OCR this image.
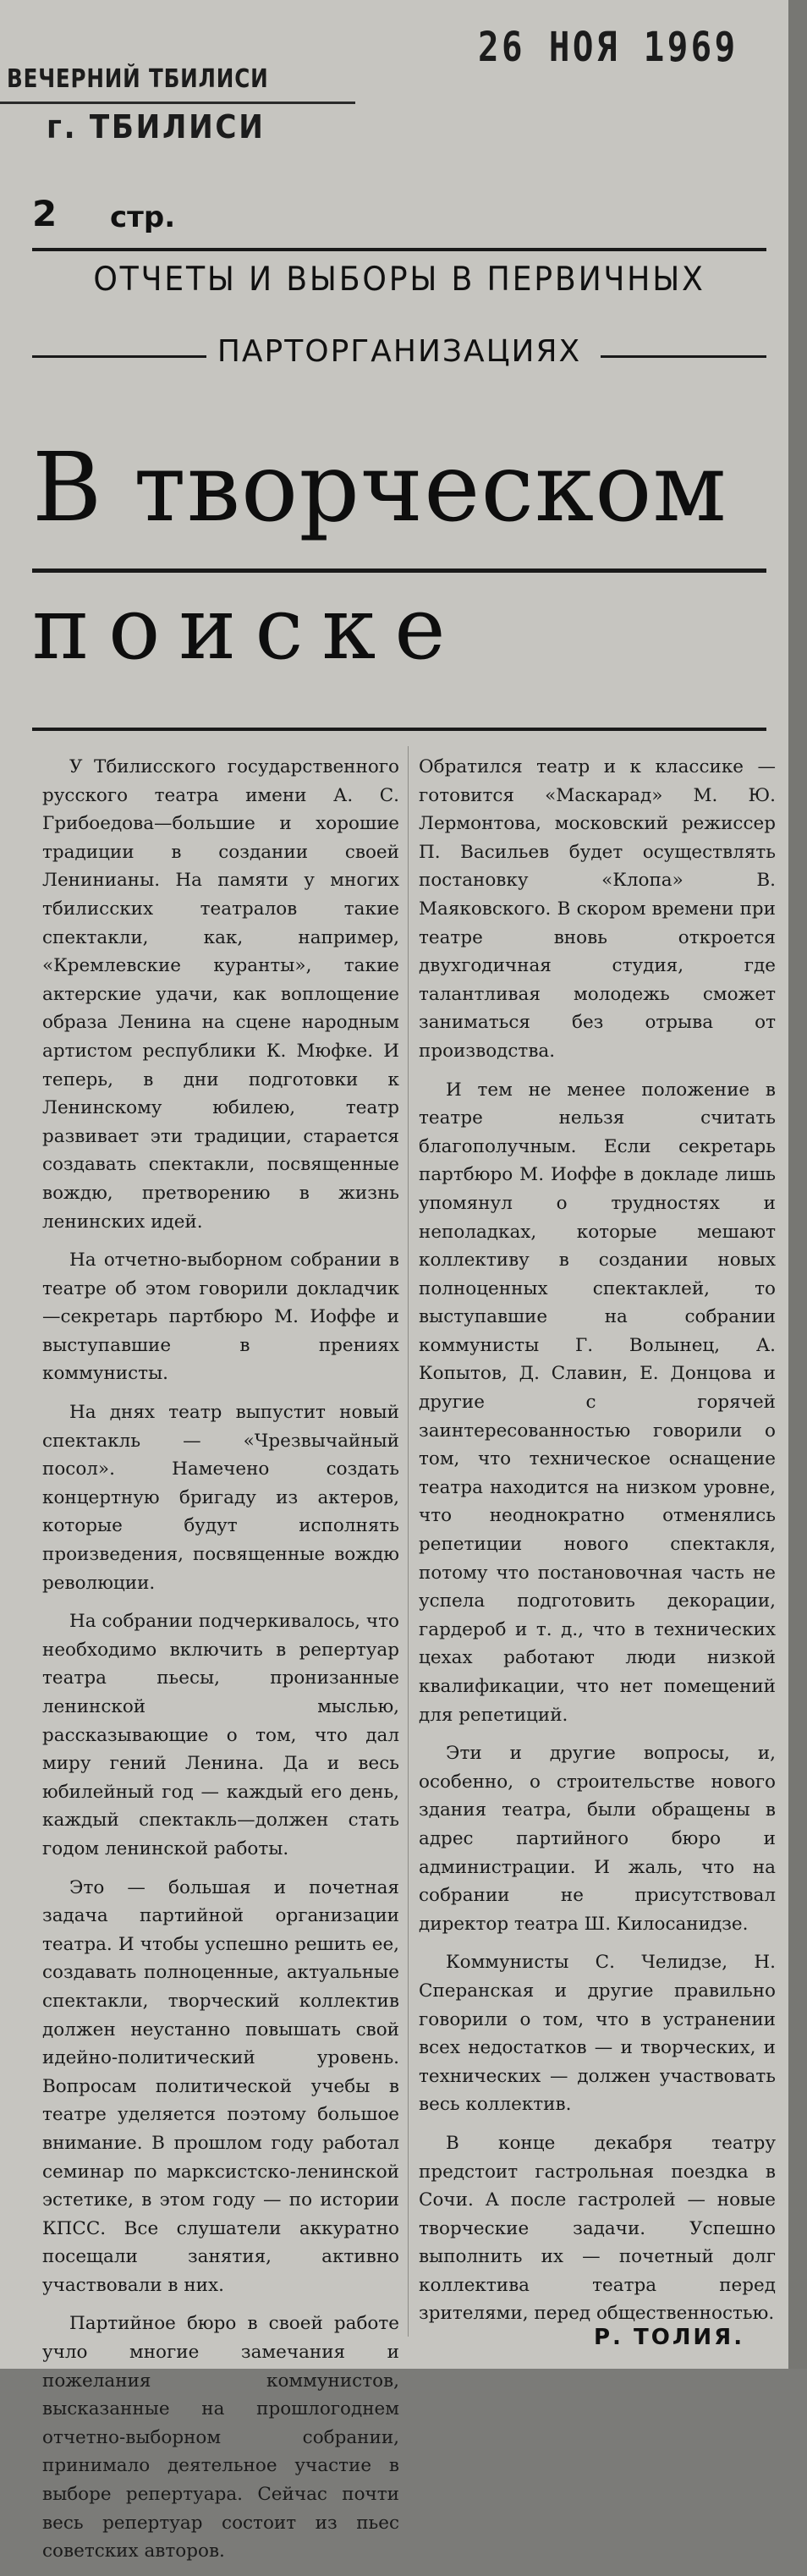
26 НОЯ 1969
ВЕЧЕРНИЙ ТБИЛИСИ
г. ТБИЛИСИ
2 стр.
ОТЧЕТЫ И ВЫБОРЫ В ПЕРВИЧНЫХ
ПАРТОРГАНИЗАЦИЯХ
В творческом
поиске

У Тбилисского государственного русского театра имени А. С. Грибоедова—большие и хорошие традиции в создании своей Ленинианы. На памяти у многих тбилисских театралов такие спектакли, как, например, «Кремлевские куранты», такие актерские удачи, как воплощение образа Ленина на сцене народным артистом республики К. Мюфке. И теперь, в дни подготовки к Ленинскому юбилею, театр развивает эти традиции, старается создавать спектакли, посвященные вождю, претворению в жизнь ленинских идей.

На отчетно-выборном собрании в театре об этом говорили докладчик—секретарь партбюро М. Иоффе и выступавшие в прениях коммунисты.

На днях театр выпустит новый спектакль — «Чрезвычайный посол». Намечено создать концертную бригаду из актеров, которые будут исполнять произведения, посвященные вождю революции.

На собрании подчеркивалось, что необходимо включить в репертуар театра пьесы, пронизанные ленинской мыслью, рассказывающие о том, что дал миру гений Ленина. Да и весь юбилейный год — каждый его день, каждый спектакль—должен стать годом ленинской работы.

Это — большая и почетная задача партийной организации театра. И чтобы успешно решить ее, создавать полноценные, актуальные спектакли, творческий коллектив должен неустанно повышать свой идейно-политический уровень. Вопросам политической учебы в театре уделяется поэтому большое внимание. В прошлом году работал семинар по марксистско-ленинской эстетике, в этом году — по истории КПСС. Все слушатели аккуратно посещали занятия, активно участвовали в них.

Партийное бюро в своей работе учло многие замечания и пожелания коммунистов, высказанные на прошлогоднем отчетно-выборном собрании, принимало деятельное участие в выборе репертуара. Сейчас почти весь репертуар состоит из пьес советских авторов.

Обратился театр и к классике — готовится «Маскарад» М. Ю. Лермонтова, московский режиссер П. Васильев будет осуществлять постановку «Клопа» В. Маяковского. В скором времени при театре вновь откроется двухгодичная студия, где талантливая молодежь сможет заниматься без отрыва от производства.

И тем не менее положение в театре нельзя считать благополучным. Если секретарь партбюро М. Иоффе в докладе лишь упомянул о трудностях и неполадках, которые мешают коллективу в создании новых полноценных спектаклей, то выступавшие на собрании коммунисты Г. Волынец, А. Копытов, Д. Славин, Е. Донцова и другие с горячей заинтересованностью говорили о том, что техническое оснащение театра находится на низком уровне, что неоднократно отменялись репетиции нового спектакля, потому что постановочная часть не успела подготовить декорации, гардероб и т. д., что в технических цехах работают люди низкой квалификации, что нет помещений для репетиций.

Эти и другие вопросы, и, особенно, о строительстве нового здания театра, были обращены в адрес партийного бюро и администрации. И жаль, что на собрании не присутствовал директор театра Ш. Килосанидзе.

Коммунисты С. Челидзе, Н. Сперанская и другие правильно говорили о том, что в устранении всех недостатков — и творческих, и технических — должен участвовать весь коллектив.

В конце декабря театру предстоит гастрольная поездка в Сочи. А после гастролей — новые творческие задачи. Успешно выполнить их — почетный долг коллектива театра перед зрителями, перед общественностью.

Р. ТОЛИЯ.
